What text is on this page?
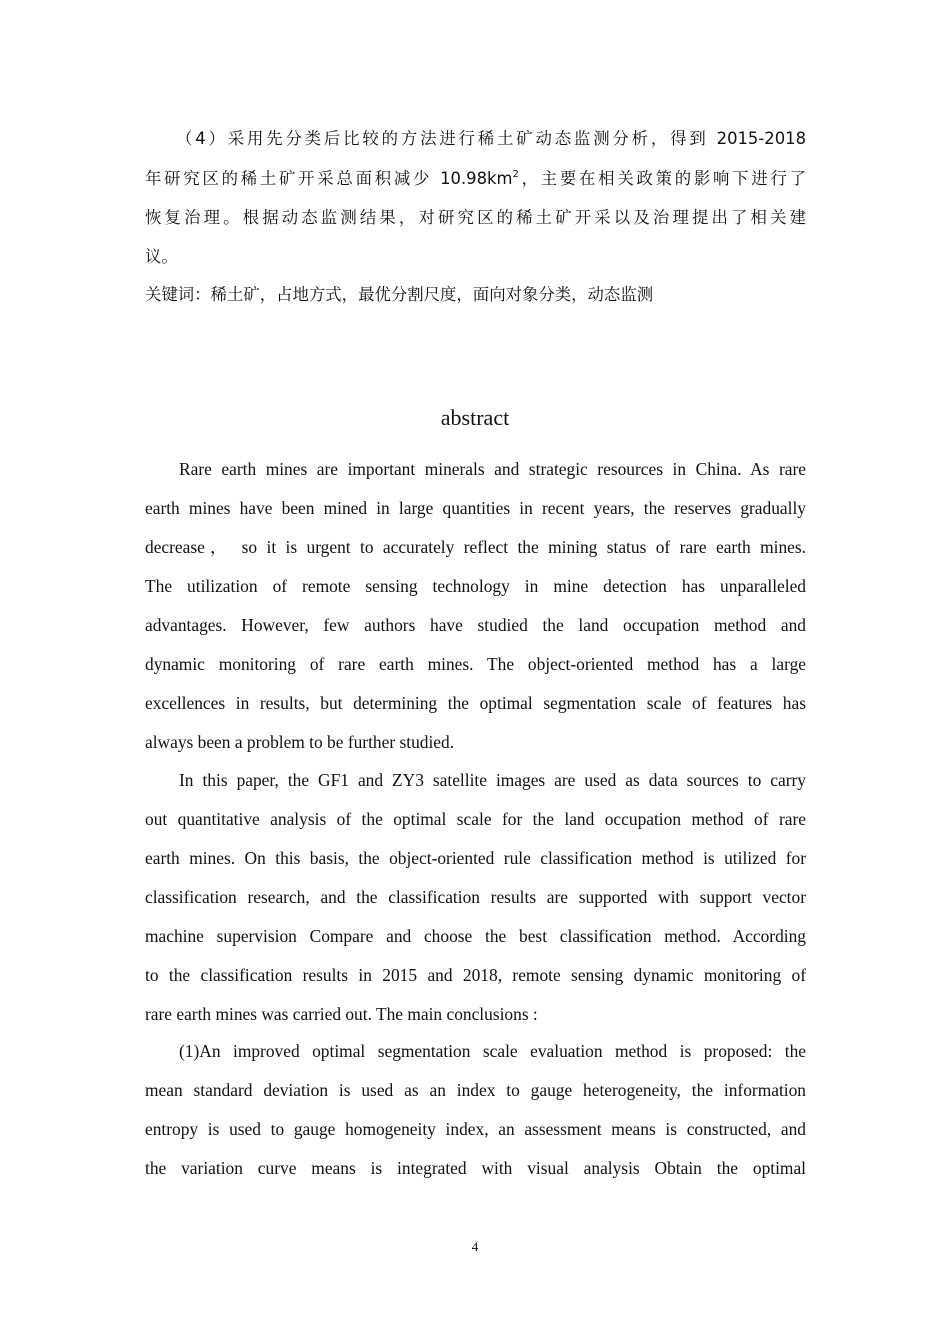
（4）采用先分类后比较的方法进行稀土矿动态监测分析，得到 2015-2018
年研究区的稀土矿开采总面积减少 $10.98km^2$，主要在相关政策的影响下进行了
恢复治理。根据动态监测结果，对研究区的稀土矿开采以及治理提出了相关建
议。
关键词：稀土矿，占地方式，最优分割尺度，面向对象分类，动态监测
abstract
Rare earth mines are important minerals and strategic resources in China. As rare
earth mines have been mined in large quantities in recent years, the reserves gradually
decrease， so it is urgent to accurately reflect the mining status of rare earth mines.
The utilization of remote sensing technology in mine detection has unparalleled
advantages. However, few authors have studied the land occupation method and
dynamic monitoring of rare earth mines. The object-oriented method has a large
excellences in results, but determining the optimal segmentation scale of features has
always been a problem to be further studied.
In this paper, the GF1 and ZY3 satellite images are used as data sources to carry
out quantitative analysis of the optimal scale for the land occupation method of rare
earth mines. On this basis, the object-oriented rule classification method is utilized for
classification research, and the classification results are supported with support vector
machine supervision Compare and choose the best classification method. According
to the classification results in 2015 and 2018, remote sensing dynamic monitoring of
rare earth mines was carried out. The main conclusions :
(1)An improved optimal segmentation scale evaluation method is proposed: the
mean standard deviation is used as an index to gauge heterogeneity, the information
entropy is used to gauge homogeneity index, an assessment means is constructed, and
the variation curve means is integrated with visual analysis Obtain the optimal
4
